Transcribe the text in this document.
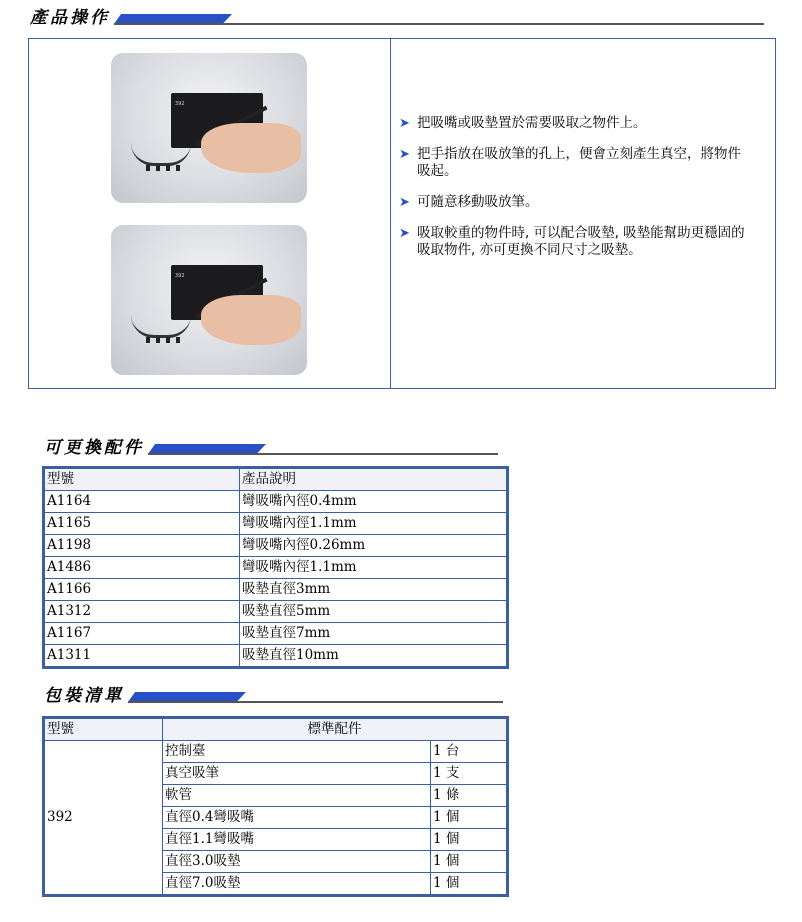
產品操作
392
392
➤ 把吸嘴或吸墊置於需要吸取之物件上。
➤ 把手指放在吸放筆的孔上，便會立刻產生真空，將物件吸起。
➤ 可隨意移動吸放筆。
➤ 吸取較重的物件時, 可以配合吸墊, 吸墊能幫助更穩固的吸取物件, 亦可更換不同尺寸之吸墊。
可更換配件
型號	產品說明
A1164	彎吸嘴內徑0.4mm
A1165	彎吸嘴內徑1.1mm
A1198	彎吸嘴內徑0.26mm
A1486	彎吸嘴內徑1.1mm
A1166	吸墊直徑3mm
A1312	吸墊直徑5mm
A1167	吸墊直徑7mm
A1311	吸墊直徑10mm
包裝清單
型號	標準配件	
392	控制臺	1 台
	真空吸筆	1 支
	軟管	1 條
	直徑0.4彎吸嘴	1 個
	直徑1.1彎吸嘴	1 個
	直徑3.0吸墊	1 個
	直徑7.0吸墊	1 個
